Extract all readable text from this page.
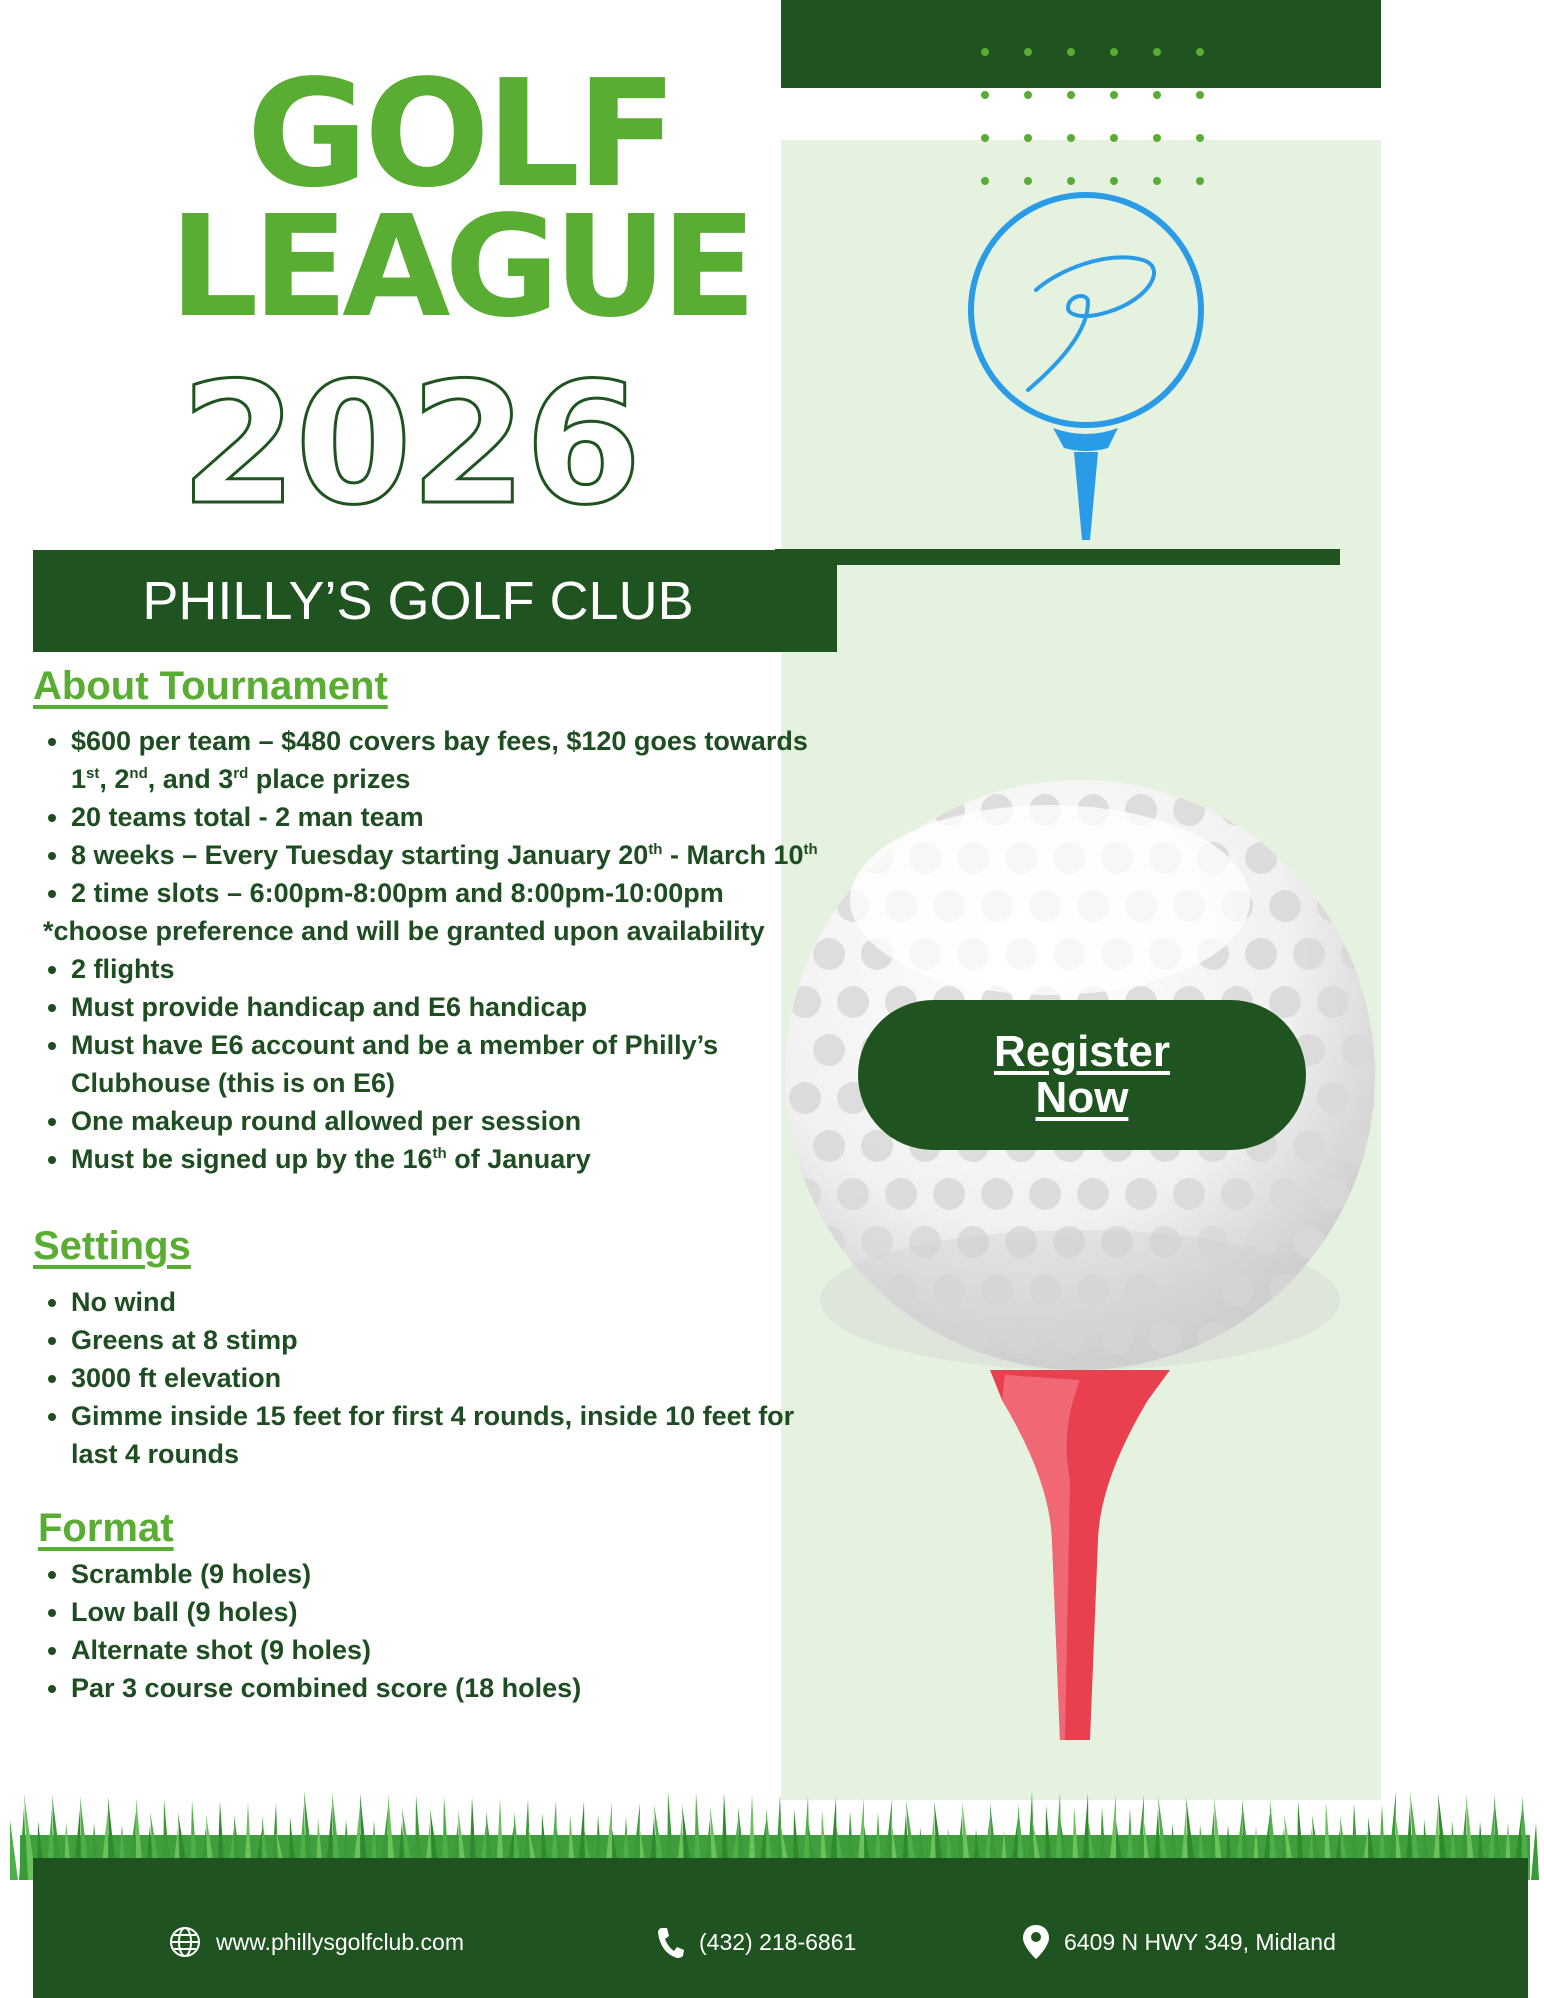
GOLF
LEAGUE
2026
PHILLY’S GOLF CLUB
About Tournament
• $600 per team – $480 covers bay fees, $120 goes towards 1st, 2nd, and 3rd place prizes
• 20 teams total - 2 man team
• 8 weeks – Every Tuesday starting January 20th - March 10th
• 2 time slots – 6:00pm-8:00pm and 8:00pm-10:00pm
*choose preference and will be granted upon availability
• 2 flights
• Must provide handicap and E6 handicap
• Must have E6 account and be a member of Philly’s Clubhouse (this is on E6)
• One makeup round allowed per session
• Must be signed up by the 16th of January
Settings
• No wind
• Greens at 8 stimp
• 3000 ft elevation
• Gimme inside 15 feet for first 4 rounds, inside 10 feet for last 4 rounds
Format
• Scramble (9 holes)
• Low ball (9 holes)
• Alternate shot (9 holes)
• Par 3 course combined score (18 holes)
Register Now
www.phillysgolfclub.com	(432) 218-6861	6409 N HWY 349, Midland
